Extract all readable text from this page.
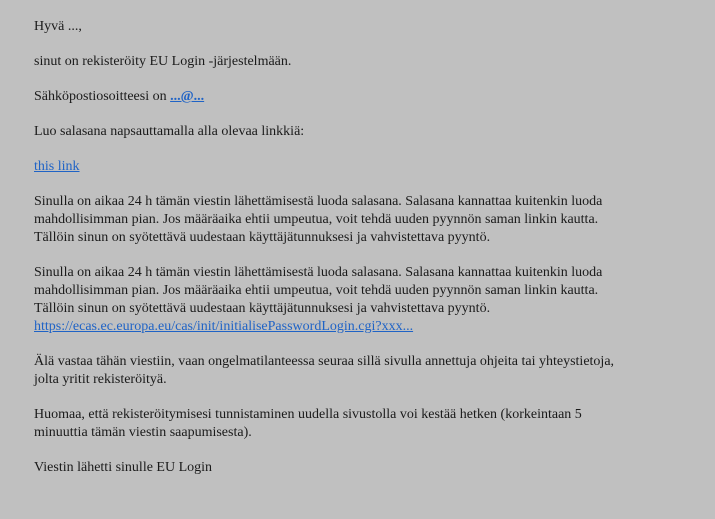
Hyvä ...,

sinut on rekisteröity EU Login -järjestelmään.

Sähköpostiosoitteesi on ...@...

Luo salasana napsauttamalla alla olevaa linkkiä:

this link

Sinulla on aikaa 24 h tämän viestin lähettämisestä luoda salasana. Salasana kannattaa kuitenkin luoda
mahdollisimman pian. Jos määräaika ehtii umpeutua, voit tehdä uuden pyynnön saman linkin kautta.
Tällöin sinun on syötettävä uudestaan käyttäjätunnuksesi ja vahvistettava pyyntö.

Sinulla on aikaa 24 h tämän viestin lähettämisestä luoda salasana. Salasana kannattaa kuitenkin luoda
mahdollisimman pian. Jos määräaika ehtii umpeutua, voit tehdä uuden pyynnön saman linkin kautta.
Tällöin sinun on syötettävä uudestaan käyttäjätunnuksesi ja vahvistettava pyyntö.
https://ecas.ec.europa.eu/cas/init/initialisePasswordLogin.cgi?xxx...

Älä vastaa tähän viestiin, vaan ongelmatilanteessa seuraa sillä sivulla annettuja ohjeita tai yhteystietoja,
jolta yritit rekisteröityä.

Huomaa, että rekisteröitymisesi tunnistaminen uudella sivustolla voi kestää hetken (korkeintaan 5
minuuttia tämän viestin saapumisesta).

Viestin lähetti sinulle EU Login
